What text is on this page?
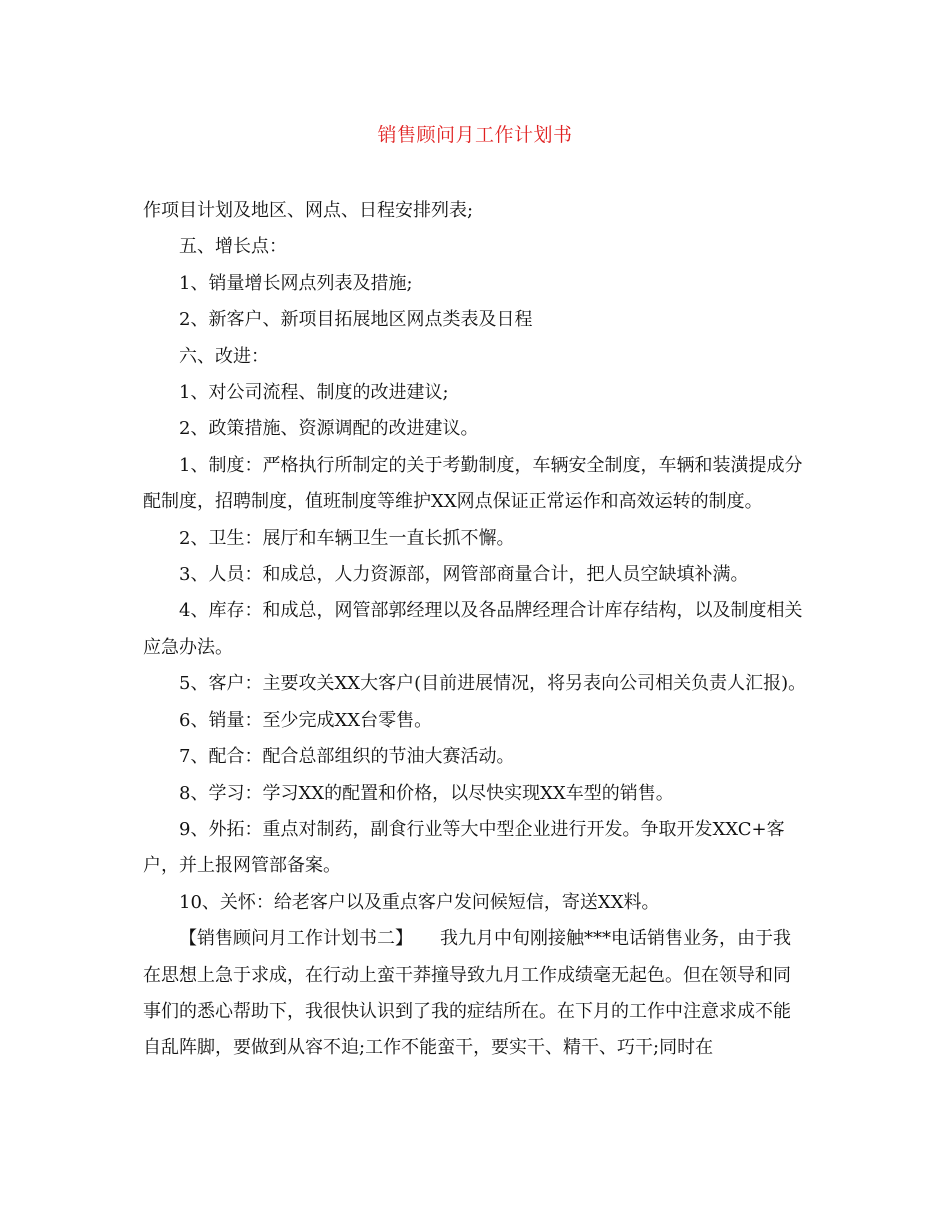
销售顾问月工作计划书

作项目计划及地区、网点、日程安排列表;

五、增长点：

1、销量增长网点列表及措施;

2、新客户、新项目拓展地区网点类表及日程

六、改进：

1、对公司流程、制度的改进建议;

2、政策措施、资源调配的改进建议。

1、制度：严格执行所制定的关于考勤制度，车辆安全制度，车辆和装潢提成分配制度，招聘制度，值班制度等维护XX网点保证正常运作和高效运转的制度。

2、卫生：展厅和车辆卫生一直长抓不懈。

3、人员：和成总，人力资源部，网管部商量合计，把人员空缺填补满。

4、库存：和成总，网管部郭经理以及各品牌经理合计库存结构，以及制度相关应急办法。

5、客户：主要攻关XX大客户(目前进展情况，将另表向公司相关负责人汇报)。

6、销量：至少完成XX台零售。

7、配合：配合总部组织的节油大赛活动。

8、学习：学习XX的配置和价格，以尽快实现XX车型的销售。

9、外拓：重点对制药，副食行业等大中型企业进行开发。争取开发XXC+客户，并上报网管部备案。

10、关怀：给老客户以及重点客户发问候短信，寄送XX料。

【销售顾问月工作计划书二】　　我九月中旬刚接触***电话销售业务，由于我在思想上急于求成，在行动上蛮干莽撞导致九月工作成绩毫无起色。但在领导和同事们的悉心帮助下，我很快认识到了我的症结所在。在下月的工作中注意求成不能自乱阵脚，要做到从容不迫;工作不能蛮干，要实干、精干、巧干;同时在
